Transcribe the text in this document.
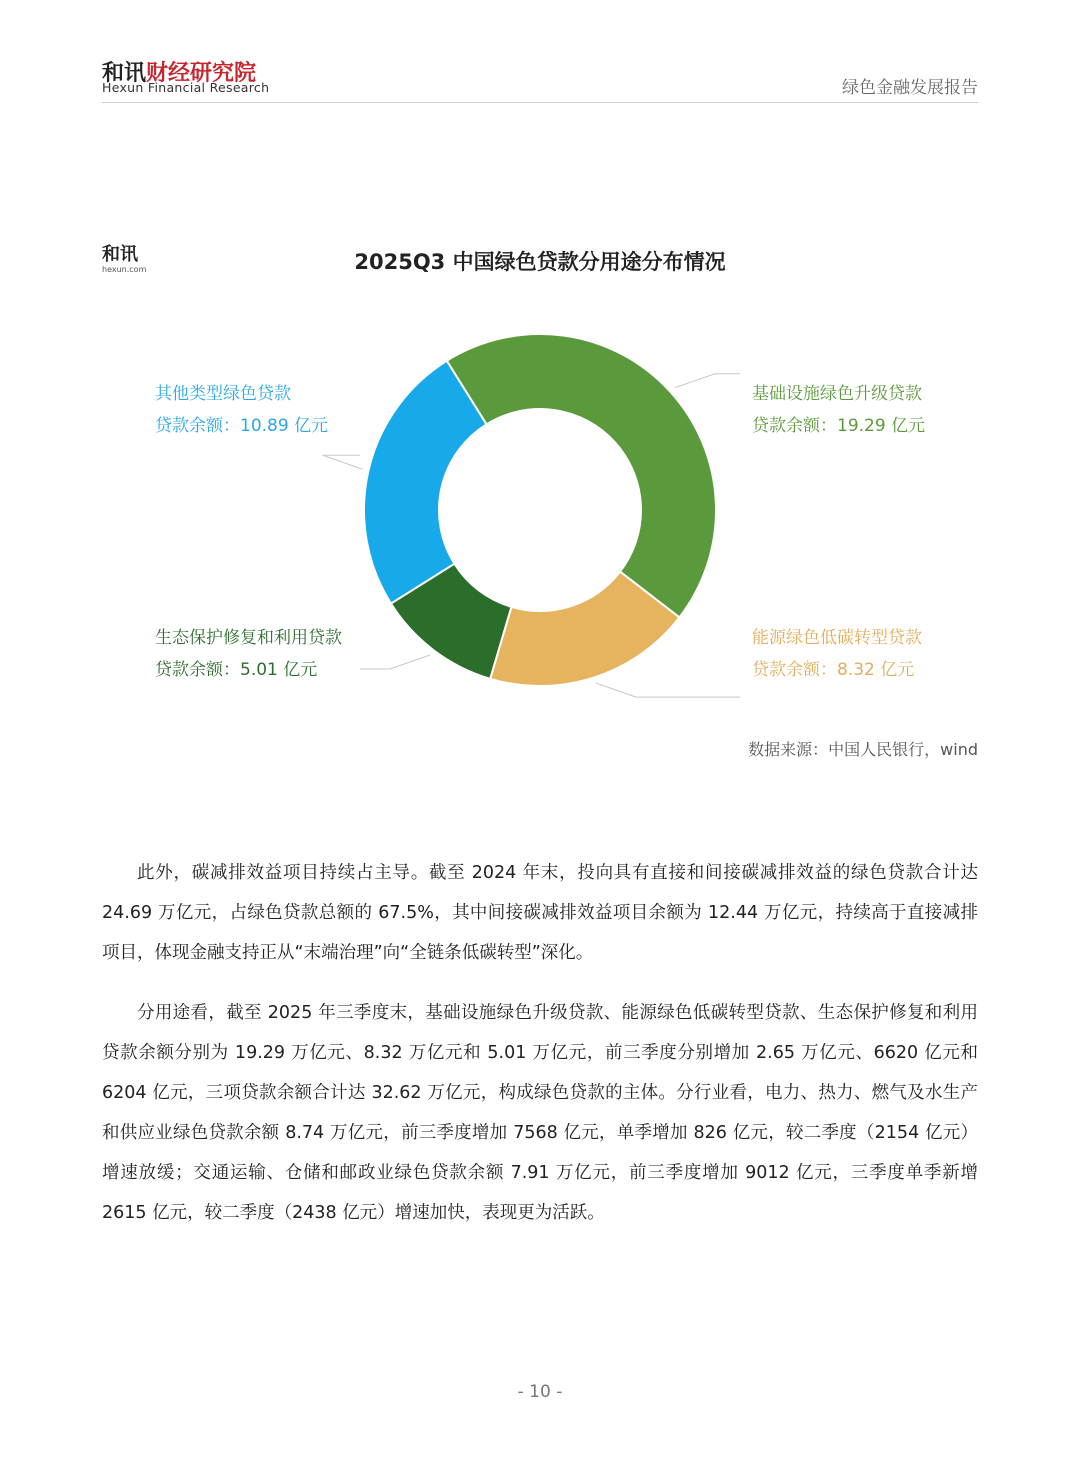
和讯财经研究院
Hexun Financial Research	绿色金融发展报告
和讯
hexun.com	2025Q3 中国绿色贷款分用途分布情况
基础设施绿色升级贷款
贷款余额：19.29 亿元
能源绿色低碳转型贷款
贷款余额：8.32 亿元
生态保护修复和利用贷款
贷款余额：5.01 亿元
其他类型绿色贷款
贷款余额：10.89 亿元
数据来源：中国人民银行，wind

此外，碳减排效益项目持续占主导。截至 2024 年末，投向具有直接和间接碳减排效益的绿色贷款合计达 24.69 万亿元，占绿色贷款总额的 67.5%，其中间接碳减排效益项目余额为 12.44 万亿元，持续高于直接减排项目，体现金融支持正从“末端治理”向“全链条低碳转型”深化。

分用途看，截至 2025 年三季度末，基础设施绿色升级贷款、能源绿色低碳转型贷款、生态保护修复和利用贷款余额分别为 19.29 万亿元、8.32 万亿元和 5.01 万亿元，前三季度分别增加 2.65 万亿元、6620 亿元和 6204 亿元，三项贷款余额合计达 32.62 万亿元，构成绿色贷款的主体。分行业看，电力、热力、燃气及水生产和供应业绿色贷款余额 8.74 万亿元，前三季度增加 7568 亿元，单季增加 826 亿元，较二季度（2154 亿元）增速放缓；交通运输、仓储和邮政业绿色贷款余额 7.91 万亿元，前三季度增加 9012 亿元，三季度单季新增 2615 亿元，较二季度（2438 亿元）增速加快，表现更为活跃。

- 10 -
